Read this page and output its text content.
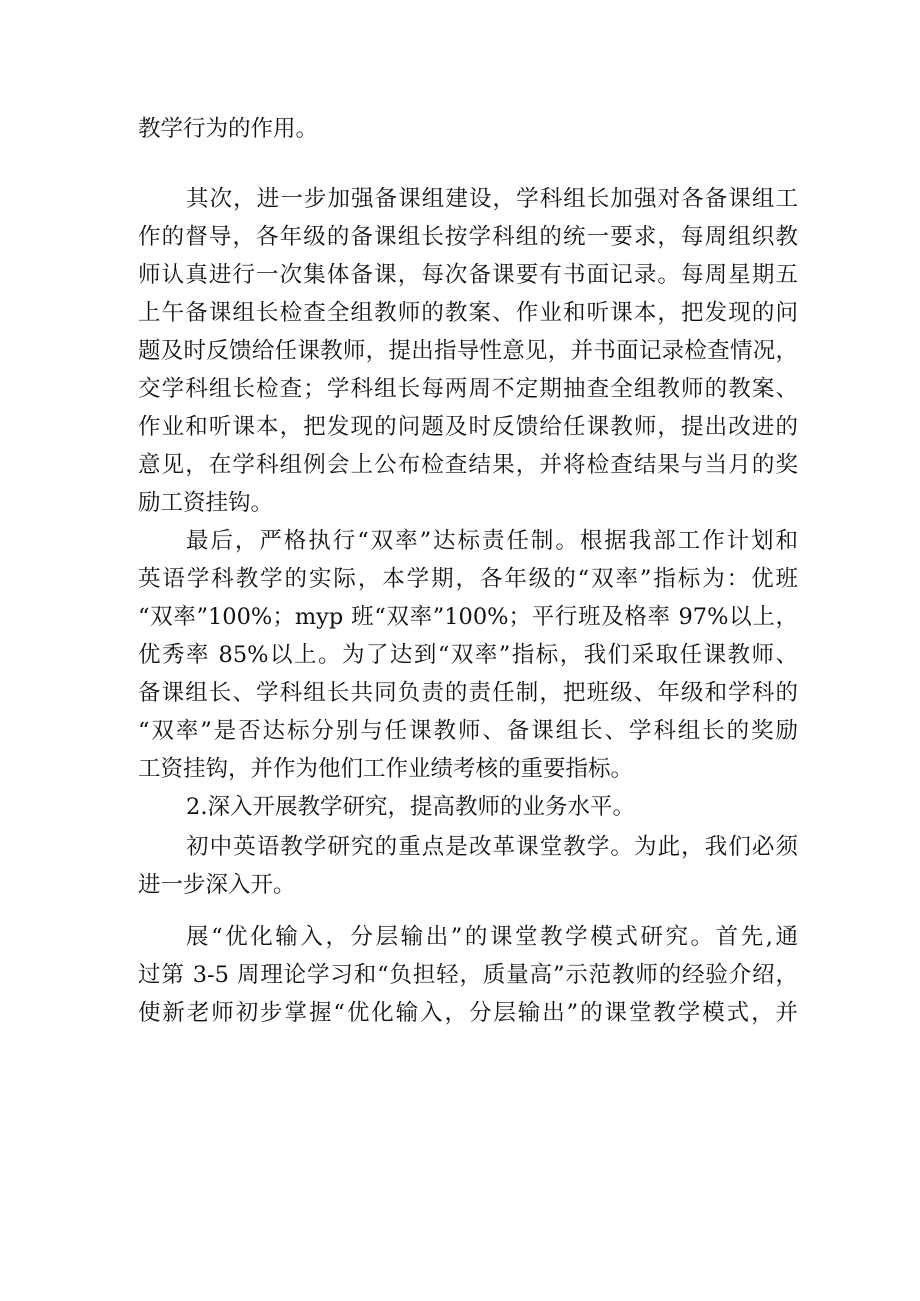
教学行为的作用。
其次，进一步加强备课组建设，学科组长加强对各备课组工
作的督导，各年级的备课组长按学科组的统一要求，每周组织教
师认真进行一次集体备课，每次备课要有书面记录。每周星期五
上午备课组长检查全组教师的教案、作业和听课本，把发现的问
题及时反馈给任课教师，提出指导性意见，并书面记录检查情况，
交学科组长检查；学科组长每两周不定期抽查全组教师的教案、
作业和听课本，把发现的问题及时反馈给任课教师，提出改进的
意见，在学科组例会上公布检查结果，并将检查结果与当月的奖
励工资挂钩。
最后，严格执行“双率”达标责任制。根据我部工作计划和
英语学科教学的实际，本学期，各年级的“双率”指标为：优班
“双率”100%；myp 班“双率”100%；平行班及格率 97%以上，
优秀率 85%以上。为了达到“双率”指标，我们采取任课教师、
备课组长、学科组长共同负责的责任制，把班级、年级和学科的
“双率”是否达标分别与任课教师、备课组长、学科组长的奖励
工资挂钩，并作为他们工作业绩考核的重要指标。
2.深入开展教学研究，提高教师的业务水平。
初中英语教学研究的重点是改革课堂教学。为此，我们必须
进一步深入开。
展“优化输入，分层输出”的课堂教学模式研究。首先,通
过第 3-5 周理论学习和“负担轻，质量高”示范教师的经验介绍，
使新老师初步掌握“优化输入，分层输出”的课堂教学模式，并
